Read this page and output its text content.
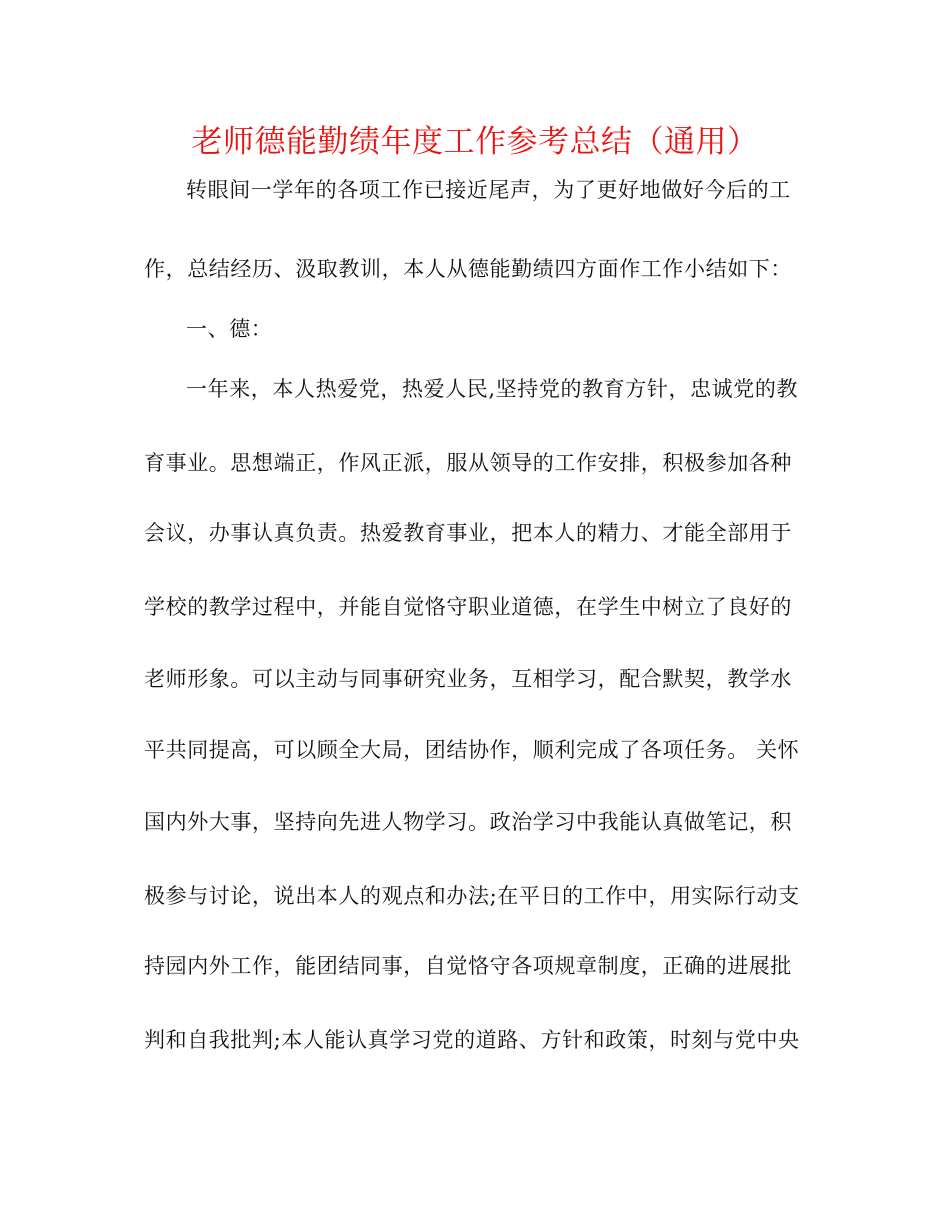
老师德能勤绩年度工作参考总结（通用）
转眼间一学年的各项工作已接近尾声，为了更好地做好今后的工
作，总结经历、汲取教训，本人从德能勤绩四方面作工作小结如下：
一、德：
一年来，本人热爱党，热爱人民,坚持党的教育方针，忠诚党的教
育事业。思想端正，作风正派，服从领导的工作安排，积极参加各种
会议，办事认真负责。热爱教育事业，把本人的精力、才能全部用于
学校的教学过程中，并能自觉恪守职业道德，在学生中树立了良好的
老师形象。可以主动与同事研究业务，互相学习，配合默契，教学水
平共同提高，可以顾全大局，团结协作，顺利完成了各项任务。 关怀
国内外大事，坚持向先进人物学习。政治学习中我能认真做笔记，积
极参与讨论，说出本人的观点和办法;在平日的工作中，用实际行动支
持园内外工作，能团结同事，自觉恪守各项规章制度，正确的进展批
判和自我批判;本人能认真学习党的道路、方针和政策，时刻与党中央
